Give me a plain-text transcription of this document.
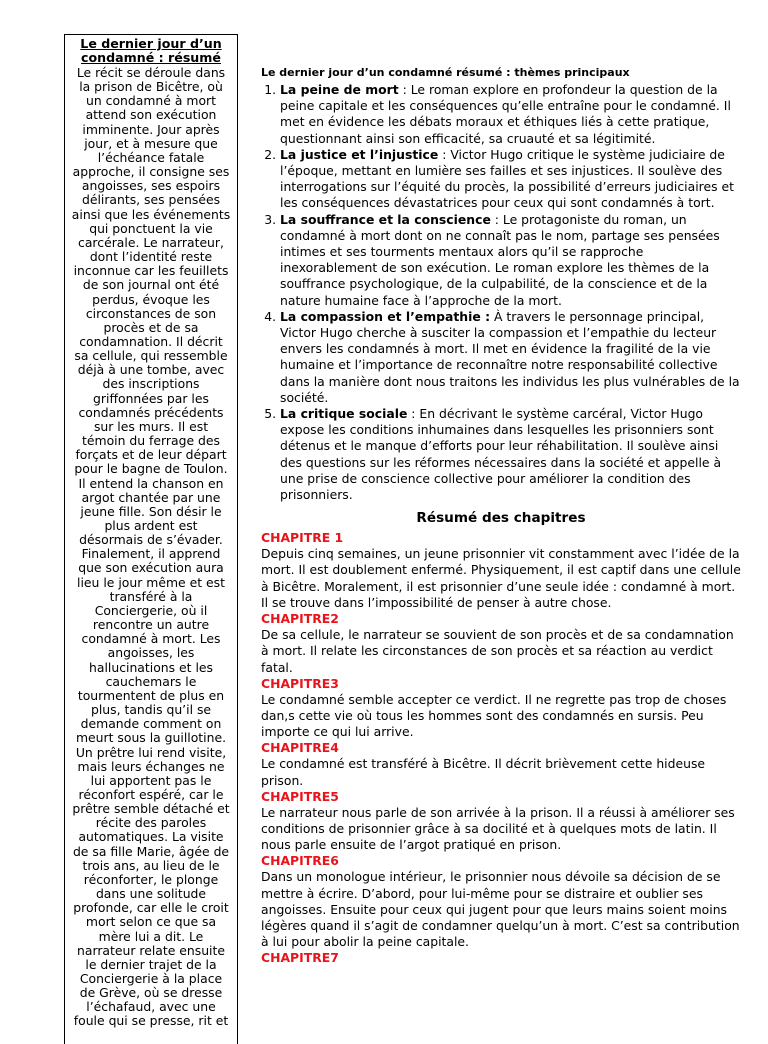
Le dernier jour d’un condamné : résumé
Le récit se déroule dans la prison de Bicêtre, où un condamné à mort attend son exécution imminente. Jour après jour, et à mesure que l’échéance fatale approche, il consigne ses angoisses, ses espoirs délirants, ses pensées ainsi que les événements qui ponctuent la vie carcérale. Le narrateur, dont l’identité reste inconnue car les feuillets de son journal ont été perdus, évoque les circonstances de son procès et de sa condamnation. Il décrit sa cellule, qui ressemble déjà à une tombe, avec des inscriptions griffonnées par les condamnés précédents sur les murs. Il est témoin du ferrage des forçats et de leur départ pour le bagne de Toulon. Il entend la chanson en argot chantée par une jeune fille. Son désir le plus ardent est désormais de s’évader. Finalement, il apprend que son exécution aura lieu le jour même et est transféré à la Conciergerie, où il rencontre un autre condamné à mort. Les angoisses, les hallucinations et les cauchemars le tourmentent de plus en plus, tandis qu’il se demande comment on meurt sous la guillotine. Un prêtre lui rend visite, mais leurs échanges ne lui apportent pas le réconfort espéré, car le prêtre semble détaché et récite des paroles automatiques. La visite de sa fille Marie, âgée de trois ans, au lieu de le réconforter, le plonge dans une solitude profonde, car elle le croit mort selon ce que sa mère lui a dit. Le narrateur relate ensuite le dernier trajet de la Conciergerie à la place de Grève, où se dresse l’échafaud, avec une foule qui se presse, rit et
Le dernier jour d’un condamné résumé : thèmes principaux
1. La peine de mort : Le roman explore en profondeur la question de la peine capitale et les conséquences qu’elle entraîne pour le condamné. Il met en évidence les débats moraux et éthiques liés à cette pratique, questionnant ainsi son efficacité, sa cruauté et sa légitimité.
2. La justice et l’injustice : Victor Hugo critique le système judiciaire de l’époque, mettant en lumière ses failles et ses injustices. Il soulève des interrogations sur l’équité du procès, la possibilité d’erreurs judiciaires et les conséquences dévastatrices pour ceux qui sont condamnés à tort.
3. La souffrance et la conscience : Le protagoniste du roman, un condamné à mort dont on ne connaît pas le nom, partage ses pensées intimes et ses tourments mentaux alors qu’il se rapproche inexorablement de son exécution. Le roman explore les thèmes de la souffrance psychologique, de la culpabilité, de la conscience et de la nature humaine face à l’approche de la mort.
4. La compassion et l’empathie : À travers le personnage principal, Victor Hugo cherche à susciter la compassion et l’empathie du lecteur envers les condamnés à mort. Il met en évidence la fragilité de la vie humaine et l’importance de reconnaître notre responsabilité collective dans la manière dont nous traitons les individus les plus vulnérables de la société.
5. La critique sociale : En décrivant le système carcéral, Victor Hugo expose les conditions inhumaines dans lesquelles les prisonniers sont détenus et le manque d’efforts pour leur réhabilitation. Il soulève ainsi des questions sur les réformes nécessaires dans la société et appelle à une prise de conscience collective pour améliorer la condition des prisonniers.
Résumé des chapitres
CHAPITRE 1
Depuis cinq semaines, un jeune prisonnier vit constamment avec l’idée de la mort. Il est doublement enfermé. Physiquement, il est captif dans une cellule à Bicêtre. Moralement, il est prisonnier d’une seule idée : condamné à mort. Il se trouve dans l’impossibilité de penser à autre chose.
CHAPITRE2
De sa cellule, le narrateur se souvient de son procès et de sa condamnation à mort. Il relate les circonstances de son procès et sa réaction au verdict fatal.
CHAPITRE3
Le condamné semble accepter ce verdict. Il ne regrette pas trop de choses dan,s cette vie où tous les hommes sont des condamnés en sursis. Peu importe ce qui lui arrive.
CHAPITRE4
Le condamné est transféré à Bicêtre. Il décrit brièvement cette hideuse prison.
CHAPITRE5
Le narrateur nous parle de son arrivée à la prison. Il a réussi à améliorer ses conditions de prisonnier grâce à sa docilité et à quelques mots de latin. Il nous parle ensuite de l’argot pratiqué en prison.
CHAPITRE6
Dans un monologue intérieur, le prisonnier nous dévoile sa décision de se mettre à écrire. D’abord, pour lui-même pour se distraire et oublier ses angoisses. Ensuite pour ceux qui jugent pour que leurs mains soient moins légères quand il s’agit de condamner quelqu’un à mort. C’est sa contribution à lui pour abolir la peine capitale.
CHAPITRE7
